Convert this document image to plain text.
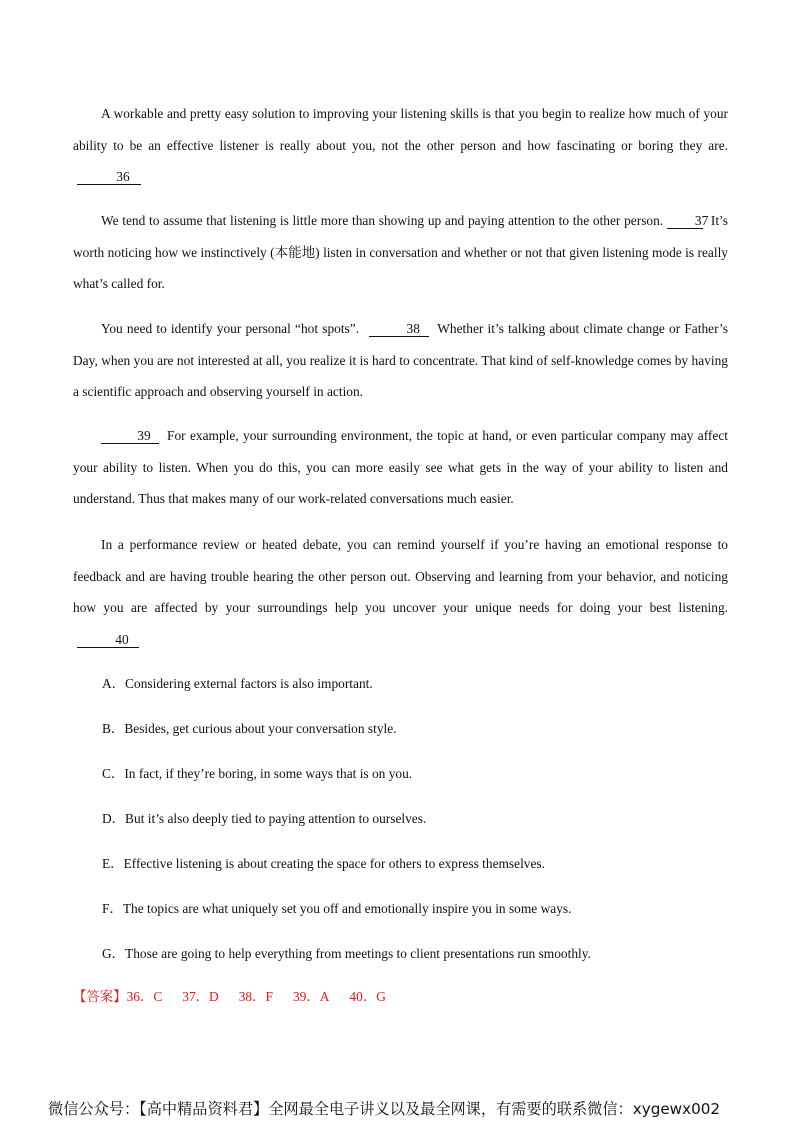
A workable and pretty easy solution to improving your listening skills is that you begin to realize how much of your ability to be an effective listener is really about you, not the other person and how fascinating or boring they are. 36

We tend to assume that listening is little more than showing up and paying attention to the other person. 37 It’s worth noticing how we instinctively (本能地) listen in conversation and whether or not that given listening mode is really what’s called for.

You need to identify your personal “hot spots”.	38 Whether it’s talking about climate change or Father’s Day, when you are not interested at all, you realize it is hard to concentrate. That kind of self-knowledge comes by having a scientific approach and observing yourself in action.

39 For example, your surrounding environment, the topic at hand, or even particular company may affect your ability to listen. When you do this, you can more easily see what gets in the way of your ability to listen and understand. Thus that makes many of our work-related conversations much easier.

In a performance review or heated debate, you can remind yourself if you’re having an emotional response to feedback and are having trouble hearing the other person out. Observing and learning from your behavior, and noticing how you are affected by your surroundings help you uncover your unique needs for doing your best listening. 40

A．Considering external factors is also important.

B．Besides, get curious about your conversation style.

C．In fact, if they’re boring, in some ways that is on you.

D．But it’s also deeply tied to paying attention to ourselves.

E．Effective listening is about creating the space for others to express themselves.

F．The topics are what uniquely set you off and emotionally inspire you in some ways.

G．Those are going to help everything from meetings to client presentations run smoothly.

【答案】36．C 37．D 38．F 39．A 40．G
微信公众号：【高中精品资料君】全网最全电子讲义以及最全网课，有需要的联系微信：xygewx002
